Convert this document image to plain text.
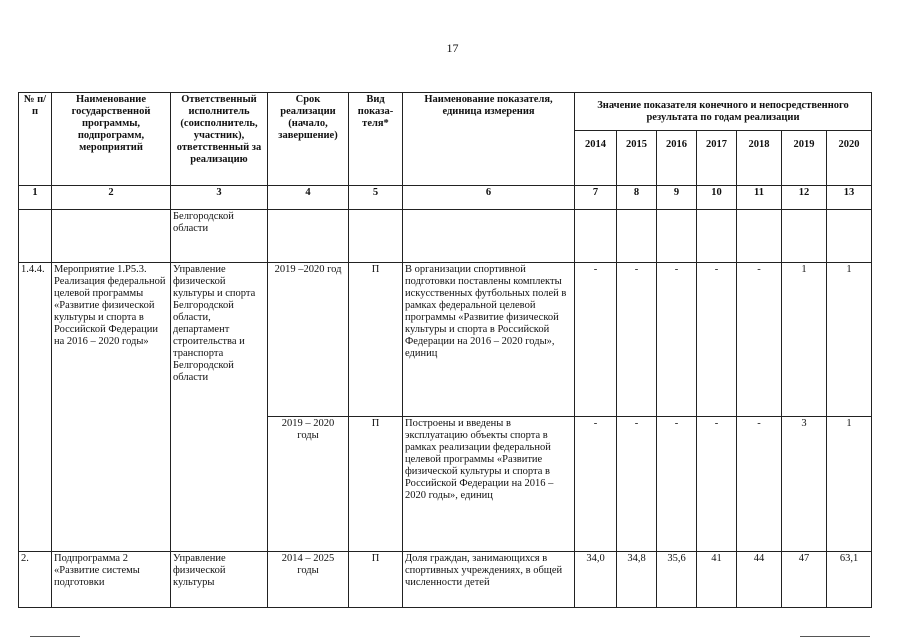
17
№ п/п	Наименование государственной программы, подпрограмм, мероприятий	Ответственный исполнитель (соисполнитель, участник), ответственный за реализацию	Срок реализации (начало, завершение)	Вид показа-теля*	Наименование показателя, единица измерения	Значение показателя конечного и непосредственного результата по годам реализации						
						2014	2015	2016	2017	2018	2019	2020
1	2	3	4	5	6	7	8	9	10	11	12	13
		Белгородской области										
1.4.4.	Мероприятие 1.Р5.3. Реализация федеральной целевой программы «Развитие физической культуры и спорта в Российской Федерации на 2016 – 2020 годы»	Управление физической культуры и спорта Белгородской области, департамент строительства и транспорта Белгородской области	2019 –2020 год	П	В организации спортивной подготовки поставлены комплекты искусственных футбольных полей в рамках федеральной целевой программы «Развитие физической культуры и спорта в Российской Федерации на 2016 – 2020 годы», единиц	-	-	-	-	-	1	1
			2019 – 2020 годы	П	Построены и введены в эксплуатацию объекты спорта в рамках реализации федеральной целевой программы «Развитие физической культуры и спорта в Российской Федерации на 2016 – 2020 годы», единиц	-	-	-	-	-	3	1
2.	Подпрограмма 2 «Развитие системы подготовки	Управление физической культуры	2014 – 2025 годы	П	Доля граждан, занимающихся в спортивных учреждениях, в общей численности детей	34,0	34,8	35,6	41	44	47	63,1
